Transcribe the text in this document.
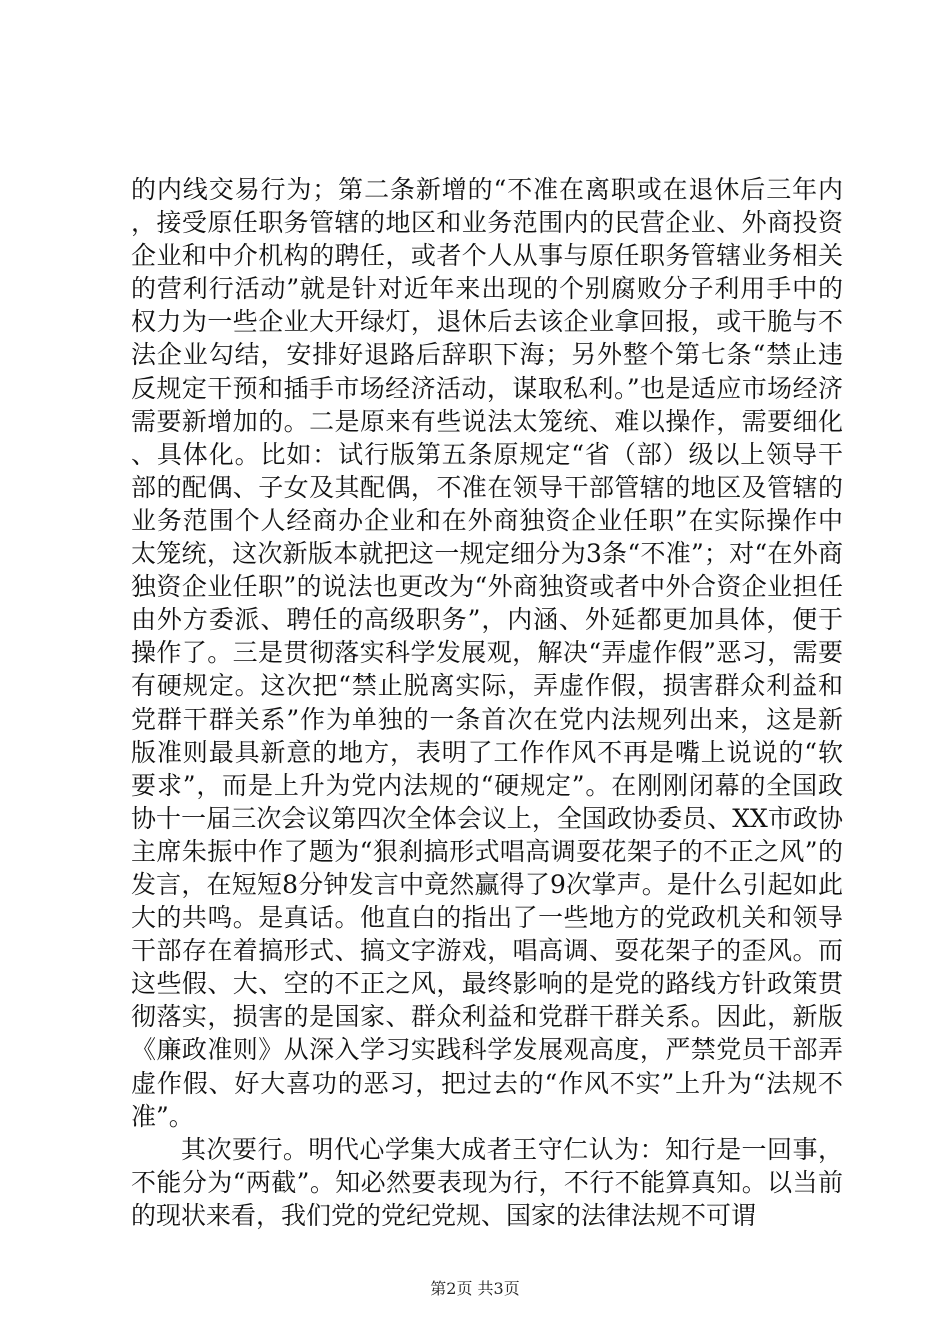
的内线交易行为；第二条新增的“不准在离职或在退休后三年内，接受原任职务管辖的地区和业务范围内的民营企业、外商投资企业和中介机构的聘任，或者个人从事与原任职务管辖业务相关的营利行活动”就是针对近年来出现的个别腐败分子利用手中的权力为一些企业大开绿灯，退休后去该企业拿回报，或干脆与不法企业勾结，安排好退路后辞职下海；另外整个第七条“禁止违反规定干预和插手市场经济活动，谋取私利。”也是适应市场经济需要新增加的。二是原来有些说法太笼统、难以操作，需要细化、具体化。比如：试行版第五条原规定“省（部）级以上领导干部的配偶、子女及其配偶，不准在领导干部管辖的地区及管辖的业务范围个人经商办企业和在外商独资企业任职”在实际操作中太笼统，这次新版本就把这一规定细分为3条“不准”；对“在外商独资企业任职”的说法也更改为“外商独资或者中外合资企业担任由外方委派、聘任的高级职务”，内涵、外延都更加具体，便于操作了。三是贯彻落实科学发展观，解决“弄虚作假”恶习，需要有硬规定。这次把“禁止脱离实际，弄虚作假，损害群众利益和党群干群关系”作为单独的一条首次在党内法规列出来，这是新版准则最具新意的地方，表明了工作作风不再是嘴上说说的“软要求”，而是上升为党内法规的“硬规定”。在刚刚闭幕的全国政协十一届三次会议第四次全体会议上，全国政协委员、XX市政协主席朱振中作了题为“狠刹搞形式唱高调耍花架子的不正之风”的发言，在短短8分钟发言中竟然赢得了9次掌声。是什么引起如此大的共鸣。是真话。他直白的指出了一些地方的党政机关和领导干部存在着搞形式、搞文字游戏，唱高调、耍花架子的歪风。而这些假、大、空的不正之风，最终影响的是党的路线方针政策贯彻落实，损害的是国家、群众利益和党群干群关系。因此，新版《廉政准则》从深入学习实践科学发展观高度，严禁党员干部弄虚作假、好大喜功的恶习，把过去的“作风不实”上升为“法规不准”。

其次要行。明代心学集大成者王守仁认为：知行是一回事，不能分为“两截”。知必然要表现为行，不行不能算真知。以当前的现状来看，我们党的党纪党规、国家的法律法规不可谓

第2页 共3页
